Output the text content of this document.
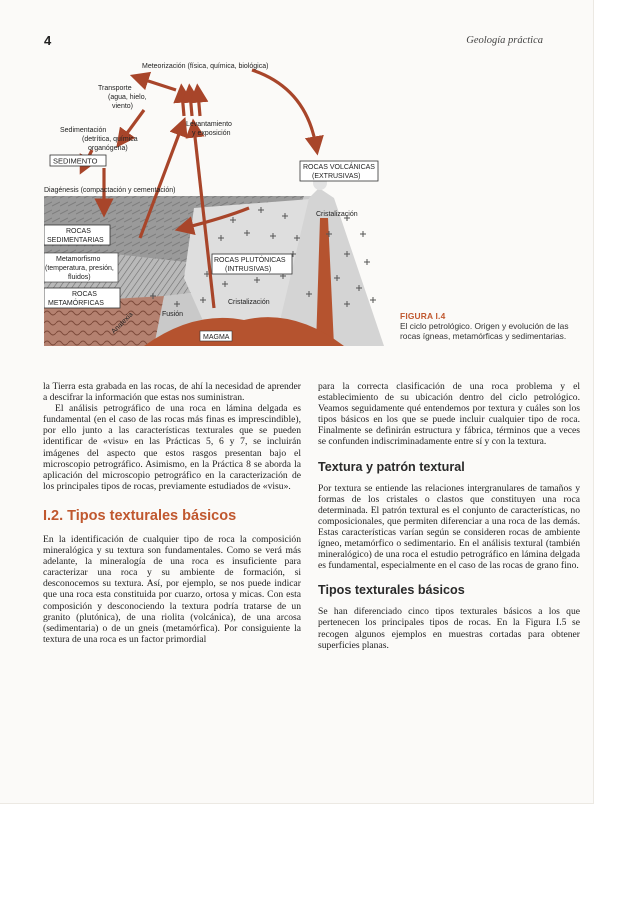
4	Geología práctica
Meteorización (física, química, biológica)
Transporte
(agua, hielo,
viento)
Sedimentación
(detrítica, química
organógena)
Levantamiento
y exposición
SEDIMENTO
ROCAS VOLCÁNICAS
(EXTRUSIVAS)
Diagénesis (compactación y cementación)
Cristalización
ROCAS
SEDIMENTARIAS
Metamorfismo
(temperatura, presión,
fluidos)
ROCAS PLUTÓNICAS
(INTRUSIVAS)
ROCAS
METAMÓRFICAS	Cristalización
Fusión
Anatexia
MAGMA
FIGURA I.4
El ciclo petrológico. Origen y evolución de las rocas ígneas, metamórficas y sedimentarias.

la Tierra esta grabada en las rocas, de ahí la necesidad de aprender a descifrar la información que estas nos suministran.

El análisis petrográfico de una roca en lámina delgada es fundamental (en el caso de las rocas más finas es imprescindible), por ello junto a las características texturales que se pueden identificar de «visu» en las Prácticas 5, 6 y 7, se incluirán imágenes del aspecto que estos rasgos presentan bajo el microscopio petrográfico. Asimismo, en la Práctica 8 se aborda la aplicación del microscopio petrográfico en la caracterización de los principales tipos de rocas, previamente estudiados de «visu».

I.2. Tipos texturales básicos

En la identificación de cualquier tipo de roca la composición mineralógica y su textura son fundamentales. Como se verá más adelante, la mineralogía de una roca es insuficiente para caracterizar una roca y su ambiente de formación, si desconocemos su textura. Así, por ejemplo, se nos puede indicar que una roca esta constituida por cuarzo, ortosa y micas. Con esta composición y desconociendo la textura podría tratarse de un granito (plutónica), de una riolita (volcánica), de una arcosa (sedimentaria) o de un gneis (metamórfica). Por consiguiente la textura de una roca es un factor primordial

para la correcta clasificación de una roca problema y el establecimiento de su ubicación dentro del ciclo petrológico. Veamos seguidamente qué entendemos por textura y cuáles son los tipos básicos en los que se puede incluir cualquier tipo de roca. Finalmente se definirán estructura y fábrica, términos que a veces se confunden indiscriminadamente entre sí y con la textura.

Textura y patrón textural

Por textura se entiende las relaciones intergranulares de tamaños y formas de los cristales o clastos que constituyen una roca determinada. El patrón textural es el conjunto de características, no composicionales, que permiten diferenciar a una roca de las demás. Estas características varían según se consideren rocas de ambiente ígneo, metamórfico o sedimentario. En el análisis textural (también mineralógico) de una roca el estudio petrográfico en lámina delgada es fundamental, especialmente en el caso de las rocas de grano fino.

Tipos texturales básicos

Se han diferenciado cinco tipos texturales básicos a los que pertenecen los principales tipos de rocas. En la Figura I.5 se recogen algunos ejemplos en muestras cortadas para obtener superficies planas.
